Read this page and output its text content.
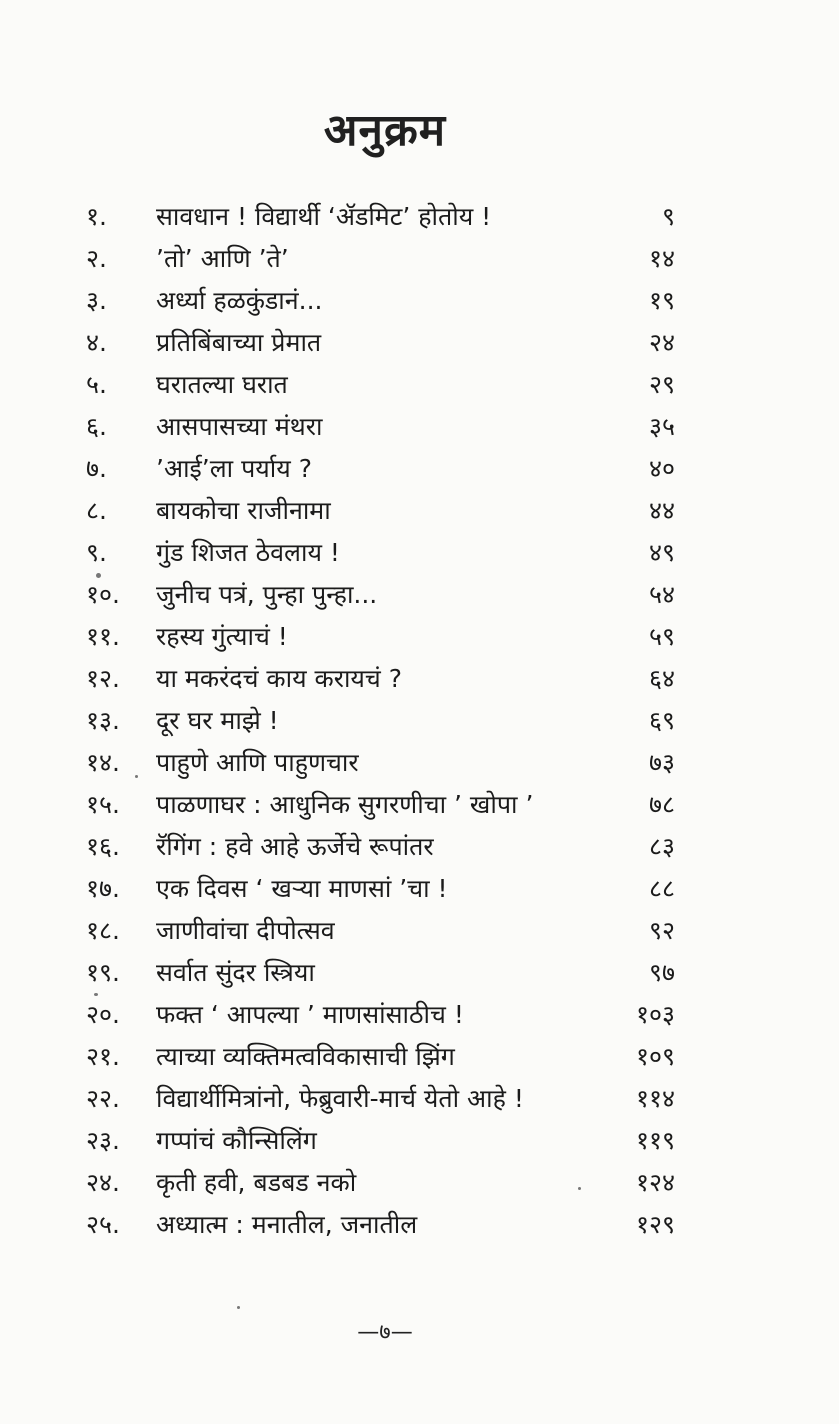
अनुक्रम
१.	सावधान ! विद्यार्थी ‘ॲडमिट’ होतोय !	९
२.	’तो’ आणि ’ते’	१४
३.	अर्ध्या हळकुंडानं...	१९
४.	प्रतिबिंबाच्या प्रेमात	२४
५.	घरातल्या घरात	२९
६.	आसपासच्या मंथरा	३५
७.	’आई’ला पर्याय ?	४०
८.	बायकोचा राजीनामा	४४
९.	गुंड शिजत ठेवलाय !	४९
१०.	जुनीच पत्रं, पुन्हा पुन्हा...	५४
११.	रहस्य गुंत्याचं !	५९
१२.	या मकरंदचं काय करायचं ?	६४
१३.	दूर घर माझे !	६९
१४.	पाहुणे आणि पाहुणचार	७३
१५.	पाळणाघर : आधुनिक सुगरणीचा ’ खोपा ’	७८
१६.	रॅगिंग : हवे आहे ऊर्जेचे रूपांतर	८३
१७.	एक दिवस ‘ खऱ्या माणसां ’चा !	८८
१८.	जाणीवांचा दीपोत्सव	९२
१९.	सर्वात सुंदर स्त्रिया	९७
२०.	फक्त ‘ आपल्या ’ माणसांसाठीच !	१०३
२१.	त्याच्या व्यक्तिमत्वविकासाची झिंग	१०९
२२.	विद्यार्थीमित्रांनो, फेब्रुवारी-मार्च येतो आहे !	११४
२३.	गप्पांचं कौन्सिलिंग	११९
२४.	कृती हवी, बडबड नको	१२४
२५.	अध्यात्म : मनातील, जनातील	१२९
—७—
